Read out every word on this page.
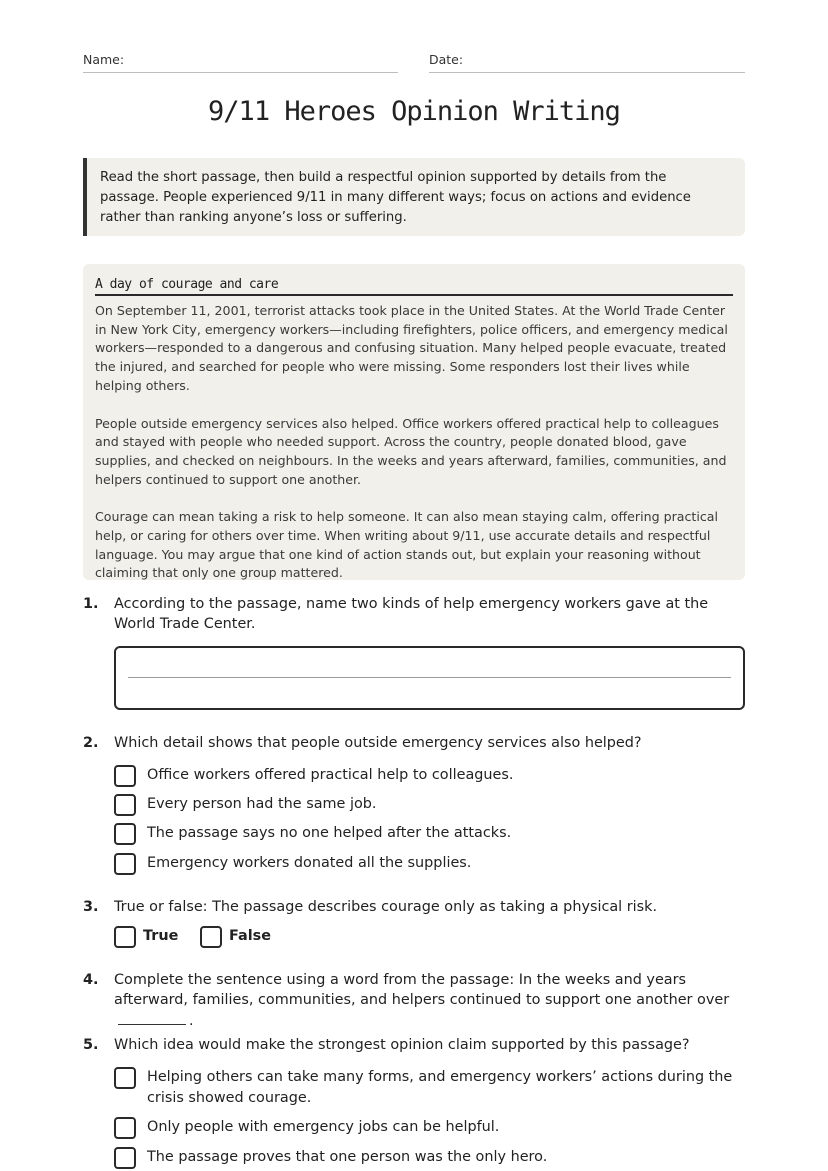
Name:	Date:
9/11 Heroes Opinion Writing
Read the short passage, then build a respectful opinion supported by details from the passage. People experienced 9/11 in many different ways; focus on actions and evidence rather than ranking anyone’s loss or suffering.
A day of courage and care

On September 11, 2001, terrorist attacks took place in the United States. At the World Trade Center in New York City, emergency workers—including firefighters, police officers, and emergency medical workers—responded to a dangerous and confusing situation. Many helped people evacuate, treated the injured, and searched for people who were missing. Some responders lost their lives while helping others.

People outside emergency services also helped. Office workers offered practical help to colleagues and stayed with people who needed support. Across the country, people donated blood, gave supplies, and checked on neighbours. In the weeks and years afterward, families, communities, and helpers continued to support one another.

Courage can mean taking a risk to help someone. It can also mean staying calm, offering practical help, or caring for others over time. When writing about 9/11, use accurate details and respectful language. You may argue that one kind of action stands out, but explain your reasoning without claiming that only one group mattered.

1.	According to the passage, name two kinds of help emergency workers gave at the World Trade Center.
2.	Which detail shows that people outside emergency services also helped?
Office workers offered practical help to colleagues.
Every person had the same job.
The passage says no one helped after the attacks.
Emergency workers donated all the supplies.
3.	True or false: The passage describes courage only as taking a physical risk.
True	False
4.	Complete the sentence using a word from the passage: In the weeks and years afterward, families, communities, and helpers continued to support one another over.
5.	Which idea would make the strongest opinion claim supported by this passage?
Helping others can take many forms, and emergency workers’ actions during the crisis showed courage.
Only people with emergency jobs can be helpful.
The passage proves that one person was the only hero.
